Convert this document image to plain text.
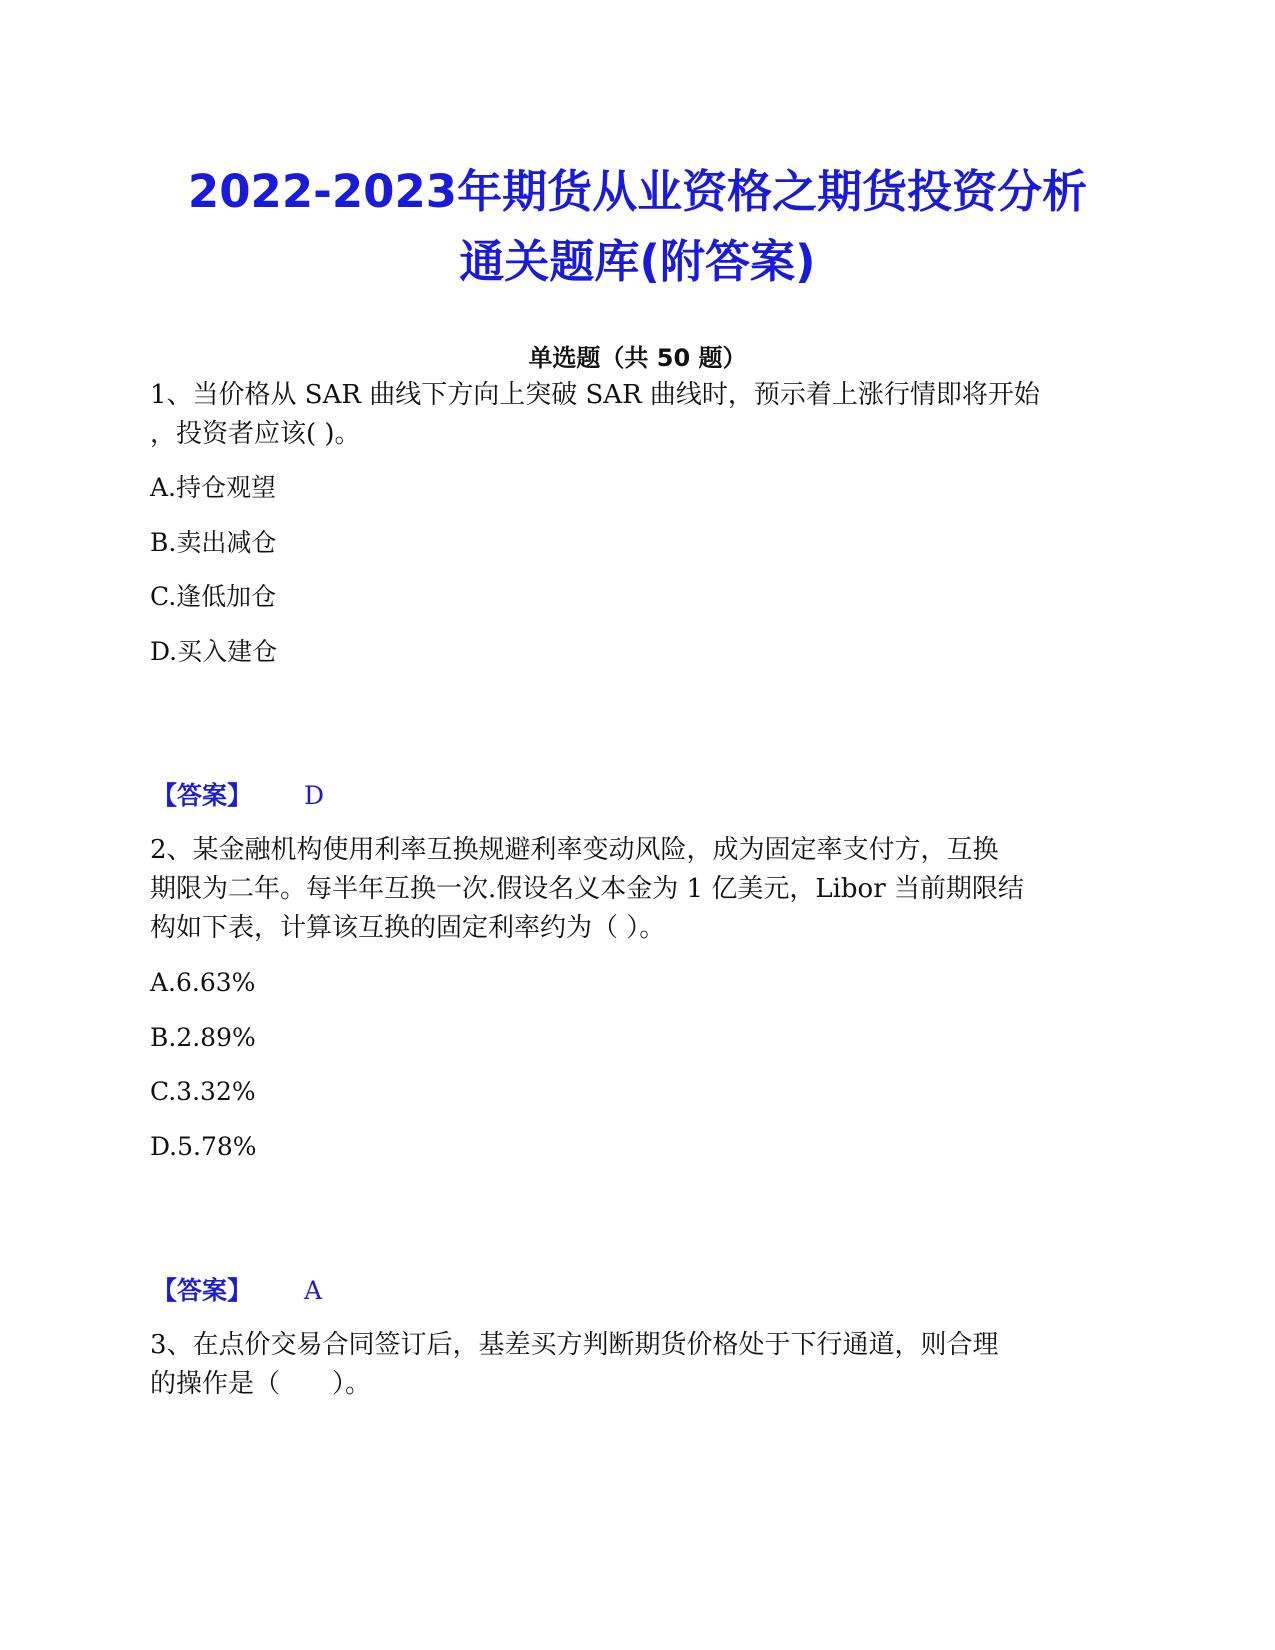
2022-2023年期货从业资格之期货投资分析
通关题库(附答案)
单选题（共 50 题）

1、当价格从 SAR 曲线下方向上突破 SAR 曲线时，预示着上涨行情即将开始

，投资者应该( )。

A.持仓观望

B.卖出减仓

C.逢低加仓

D.买入建仓

【答案】 D

2、某金融机构使用利率互换规避利率变动风险，成为固定率支付方，互换

期限为二年。每半年互换一次.假设名义本金为 1 亿美元，Libor 当前期限结

构如下表，计算该互换的固定利率约为（ ）。

A.6.63%

B.2.89%

C.3.32%

D.5.78%

【答案】 A

3、在点价交易合同签订后，基差买方判断期货价格处于下行通道，则合理

的操作是（　　）。
